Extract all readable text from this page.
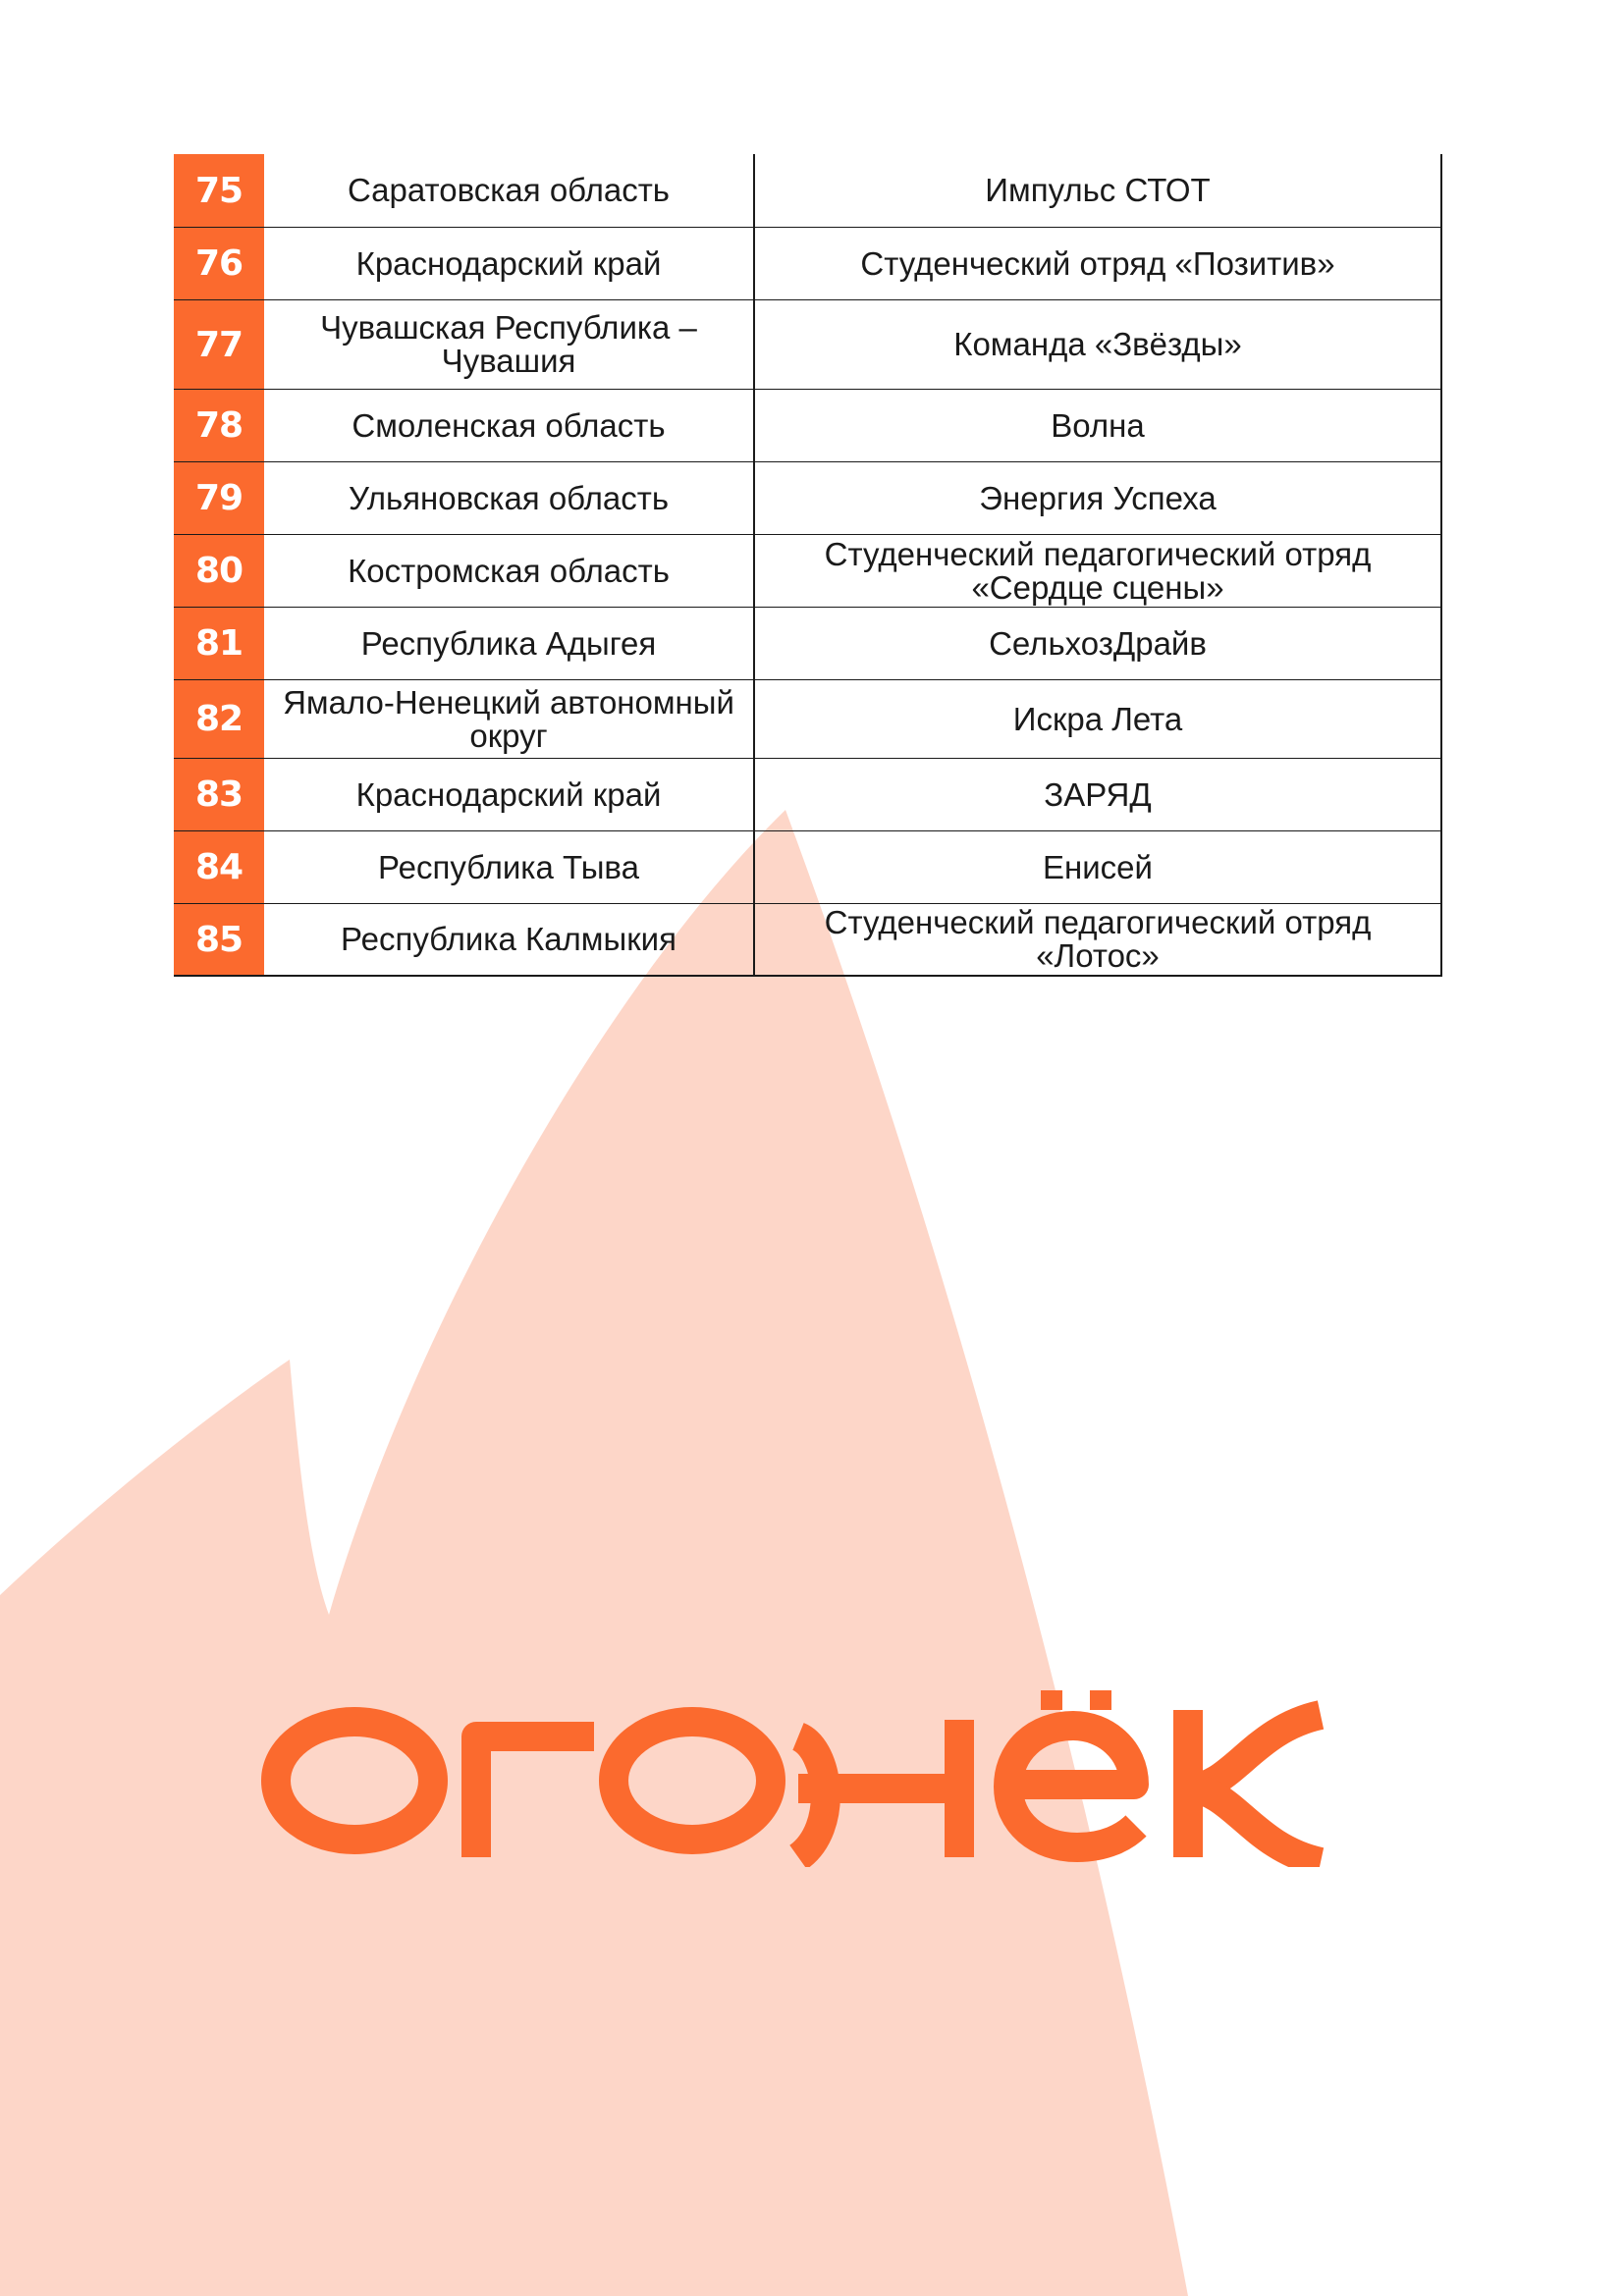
75	Саратовская область	Импульс СТОТ
76	Краснодарский край	Студенческий отряд «Позитив»
77	Чувашская Республика – Чувашия	Команда «Звёзды»
78	Смоленская область	Волна
79	Ульяновская область	Энергия Успеха
80	Костромская область	Студенческий педагогический отряд «Сердце сцены»
81	Республика Адыгея	СельхозДрайв
82	Ямало-Ненецкий автономный округ	Искра Лета
83	Краснодарский край	ЗАРЯД
84	Республика Тыва	Енисей
85	Республика Калмыкия	Студенческий педагогический отряд «Лотос»
